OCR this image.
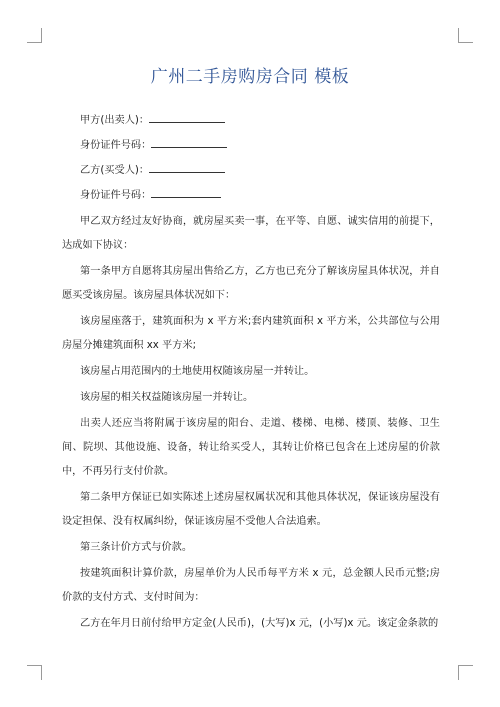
广州二手房购房合同 模板
甲方(出卖人)：
身份证件号码：
乙方(买受人)：
身份证件号码：

甲乙双方经过友好协商，就房屋买卖一事，在平等、自愿、诚实信用的前提下，达成如下协议：

第一条甲方自愿将其房屋出售给乙方，乙方也已充分了解该房屋具体状况，并自愿买受该房屋。该房屋具体状况如下：

该房屋座落于，建筑面积为 x 平方米;套内建筑面积 x 平方米，公共部位与公用房屋分摊建筑面积 xx 平方米;

该房屋占用范围内的土地使用权随该房屋一并转让。

该房屋的相关权益随该房屋一并转让。

出卖人还应当将附属于该房屋的阳台、走道、楼梯、电梯、楼顶、装修、卫生间、院坝、其他设施、设备，转让给买受人，其转让价格已包含在上述房屋的价款中，不再另行支付价款。

第二条甲方保证已如实陈述上述房屋权属状况和其他具体状况，保证该房屋没有设定担保、没有权属纠纷，保证该房屋不受他人合法追索。

第三条计价方式与价款。

按建筑面积计算价款，房屋单价为人民币每平方米 x 元，总金额人民币元整;房价款的支付方式、支付时间为：

乙方在年月日前付给甲方定金(人民币)，(大写)x 元，(小写)x 元。该定金条款的
